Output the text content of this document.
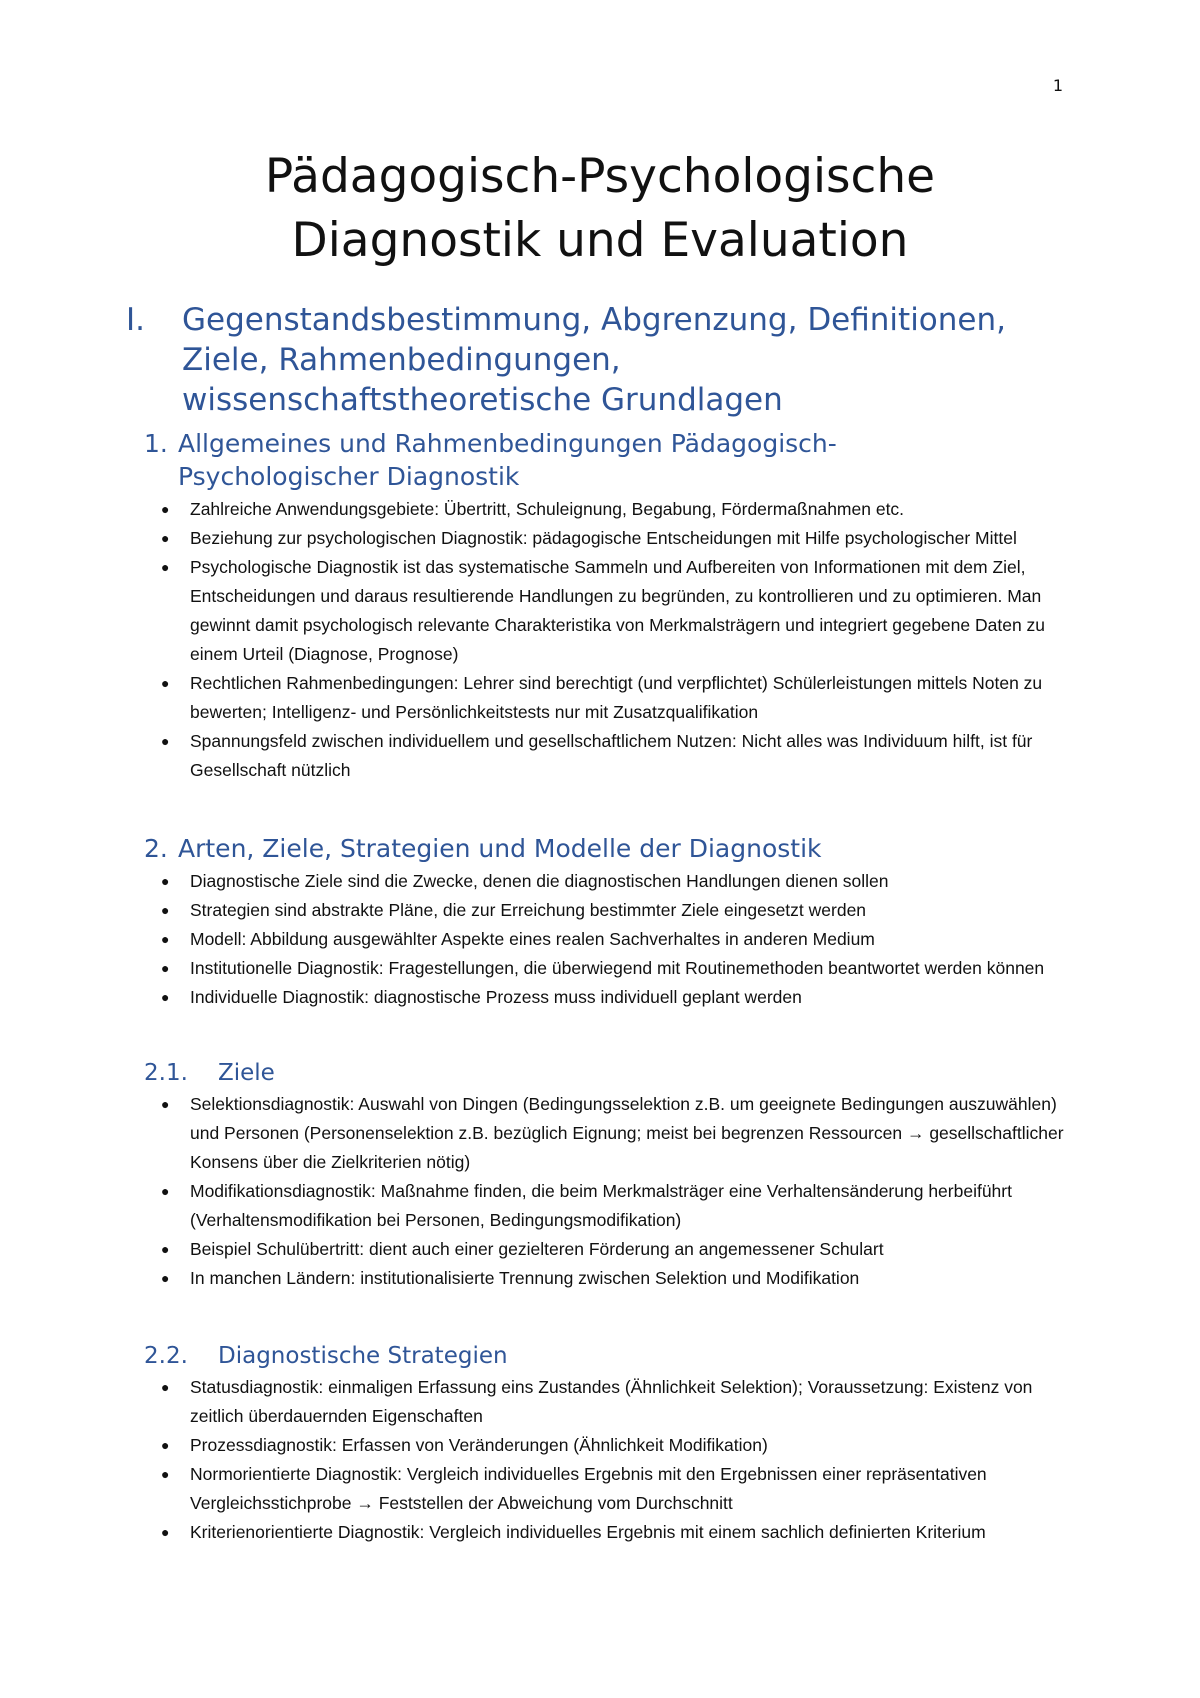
1
Pädagogisch-Psychologische
Diagnostik und Evaluation
I.	Gegenstandsbestimmung, Abgrenzung, Definitionen,
Ziele, Rahmenbedingungen,
wissenschaftstheoretische Grundlagen
1. Allgemeines und Rahmenbedingungen Pädagogisch-
Psychologischer Diagnostik
● Zahlreiche Anwendungsgebiete: Übertritt, Schuleignung, Begabung, Fördermaßnahmen etc.
● Beziehung zur psychologischen Diagnostik: pädagogische Entscheidungen mit Hilfe psychologischer Mittel
● Psychologische Diagnostik ist das systematische Sammeln und Aufbereiten von Informationen mit dem Ziel, Entscheidungen und daraus resultierende Handlungen zu begründen, zu kontrollieren und zu optimieren. Man gewinnt damit psychologisch relevante Charakteristika von Merkmalsträgern und integriert gegebene Daten zu einem Urteil (Diagnose, Prognose)
● Rechtlichen Rahmenbedingungen: Lehrer sind berechtigt (und verpflichtet) Schülerleistungen mittels Noten zu bewerten; Intelligenz- und Persönlichkeitstests nur mit Zusatzqualifikation
● Spannungsfeld zwischen individuellem und gesellschaftlichem Nutzen: Nicht alles was Individuum hilft, ist für Gesellschaft nützlich
2. Arten, Ziele, Strategien und Modelle der Diagnostik
● Diagnostische Ziele sind die Zwecke, denen die diagnostischen Handlungen dienen sollen
● Strategien sind abstrakte Pläne, die zur Erreichung bestimmter Ziele eingesetzt werden
● Modell: Abbildung ausgewählter Aspekte eines realen Sachverhaltes in anderen Medium
● Institutionelle Diagnostik: Fragestellungen, die überwiegend mit Routinemethoden beantwortet werden können
● Individuelle Diagnostik: diagnostische Prozess muss individuell geplant werden
2.1.	Ziele
● Selektionsdiagnostik: Auswahl von Dingen (Bedingungsselektion z.B. um geeignete Bedingungen auszuwählen) und Personen (Personenselektion z.B. bezüglich Eignung; meist bei begrenzen Ressourcen → gesellschaftlicher Konsens über die Zielkriterien nötig)
● Modifikationsdiagnostik: Maßnahme finden, die beim Merkmalsträger eine Verhaltensänderung herbeiführt (Verhaltensmodifikation bei Personen, Bedingungsmodifikation)
● Beispiel Schulübertritt: dient auch einer gezielteren Förderung an angemessener Schulart
● In manchen Ländern: institutionalisierte Trennung zwischen Selektion und Modifikation
2.2.	Diagnostische Strategien
● Statusdiagnostik: einmaligen Erfassung eins Zustandes (Ähnlichkeit Selektion); Voraussetzung: Existenz von zeitlich überdauernden Eigenschaften
● Prozessdiagnostik: Erfassen von Veränderungen (Ähnlichkeit Modifikation)
● Normorientierte Diagnostik: Vergleich individuelles Ergebnis mit den Ergebnissen einer repräsentativen Vergleichsstichprobe → Feststellen der Abweichung vom Durchschnitt
● Kriterienorientierte Diagnostik: Vergleich individuelles Ergebnis mit einem sachlich definierten Kriterium
